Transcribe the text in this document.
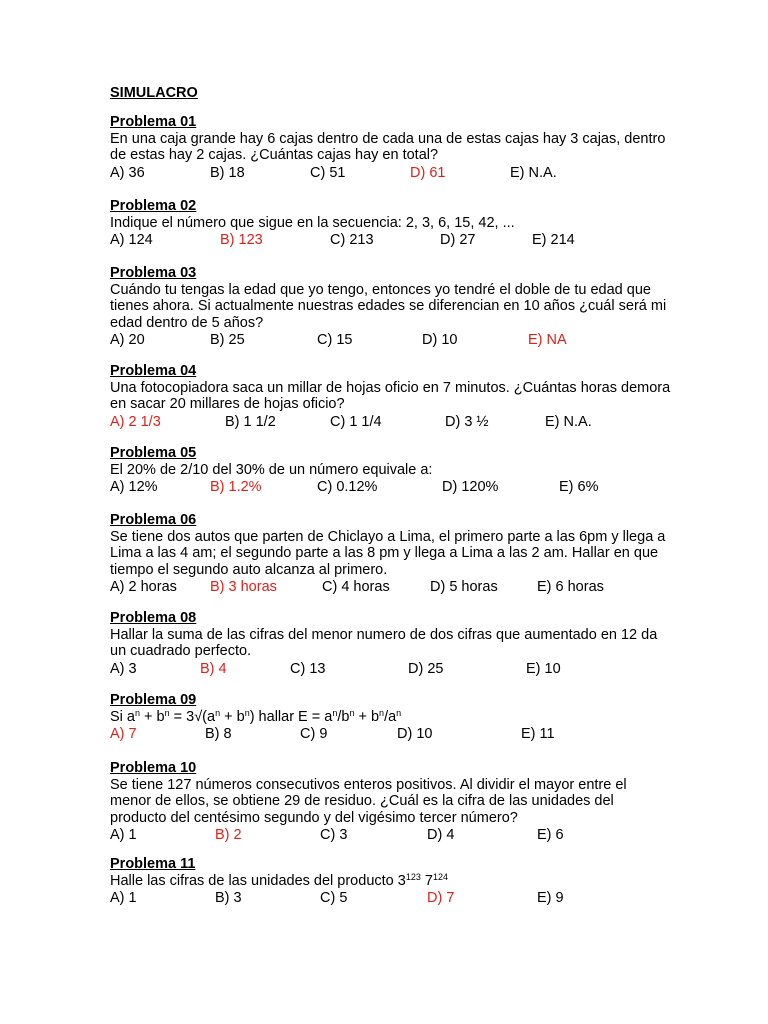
SIMULACRO
Problema 01
En una caja grande hay 6 cajas dentro de cada una de estas cajas hay 3 cajas, dentro
de estas hay 2 cajas. ¿Cuántas cajas hay en total?
A) 36	B) 18	C) 51	D) 61	E) N.A.
Problema 02
Indique el número que sigue en la secuencia: 2, 3, 6, 15, 42, ...
A) 124	B) 123	C) 213	D) 27	E) 214
Problema 03
Cuándo tu tengas la edad que yo tengo, entonces yo tendré el doble de tu edad que
tienes ahora. Si actualmente nuestras edades se diferencian en 10 años ¿cuál será mi
edad dentro de 5 años?
A) 20	B) 25	C) 15	D) 10	E) NA
Problema 04
Una fotocopiadora saca un millar de hojas oficio en 7 minutos. ¿Cuántas horas demora
en sacar 20 millares de hojas oficio?
A) 2 1/3	B) 1 1/2	C) 1 1/4	D) 3 ½	E) N.A.
Problema 05
El 20% de 2/10 del 30% de un número equivale a:
A) 12%	B) 1.2%	C) 0.12%	D) 120%	E) 6%
Problema 06
Se tiene dos autos que parten de Chiclayo a Lima, el primero parte a las 6pm y llega a
Lima a las 4 am; el segundo parte a las 8 pm y llega a Lima a las 2 am. Hallar en que
tiempo el segundo auto alcanza al primero.
A) 2 horas B) 3 horas	C) 4 horas	D) 5 horas	E) 6 horas
Problema 08
Hallar la suma de las cifras del menor numero de dos cifras que aumentado en 12 da
un cuadrado perfecto.
A) 3	B) 4	C) 13	D) 25	E) 10
Problema 09
Si $a^n + b^n = 3√(a^n + b^n)$ hallar $E = a^n/b^n + b^n/a^n$
A) 7	B) 8	C) 9	D) 10	E) 11
Problema 10
Se tiene 127 números consecutivos enteros positivos. Al dividir el mayor entre el
menor de ellos, se obtiene 29 de residuo. ¿Cuál es la cifra de las unidades del
producto del centésimo segundo y del vigésimo tercer número?
A) 1	B) 2	C) 3	D) 4	E) 6
Problema 11
Halle las cifras de las unidades del producto $3^{123}$ $7^{124}$
A) 1	B) 3	C) 5	D) 7	E) 9
